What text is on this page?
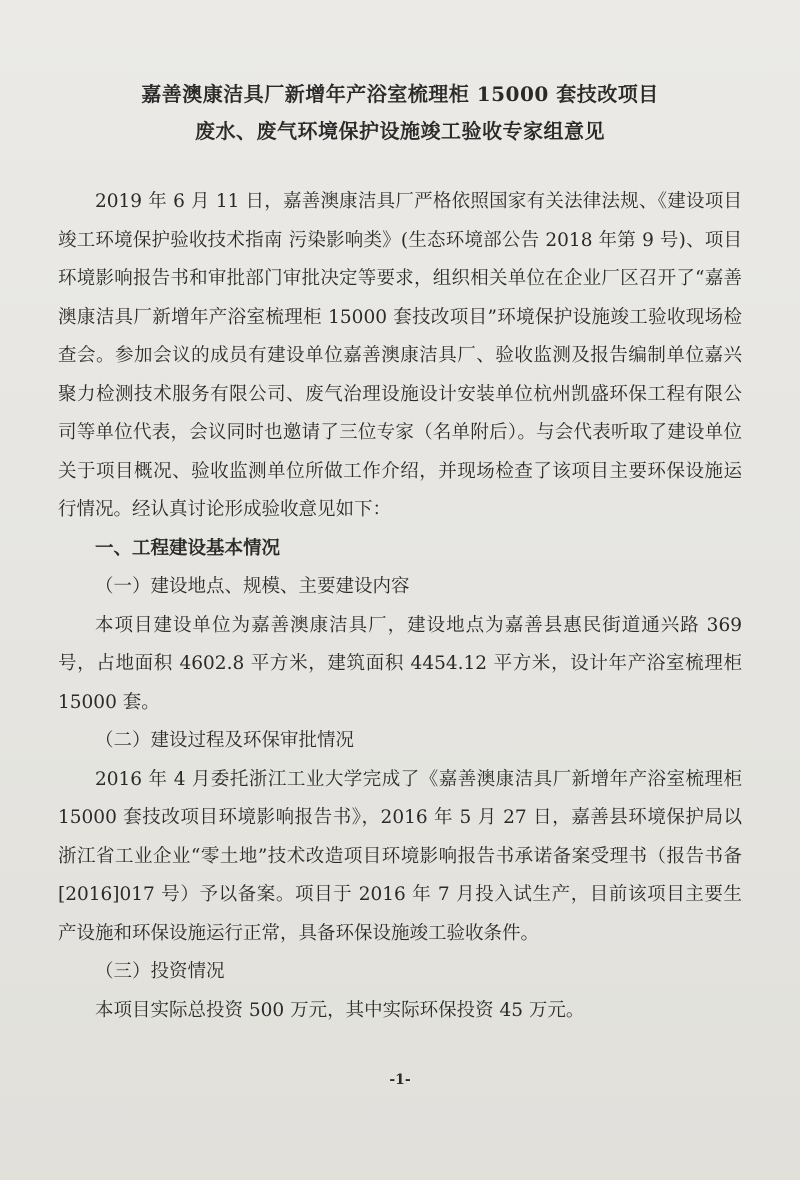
嘉善澳康洁具厂新增年产浴室梳理柜 15000 套技改项目
废水、废气环境保护设施竣工验收专家组意见

2019 年 6 月 11 日，嘉善澳康洁具厂严格依照国家有关法律法规、《建设项目竣工环境保护验收技术指南 污染影响类》(生态环境部公告 2018 年第 9 号)、项目环境影响报告书和审批部门审批决定等要求，组织相关单位在企业厂区召开了“嘉善澳康洁具厂新增年产浴室梳理柜 15000 套技改项目”环境保护设施竣工验收现场检查会。参加会议的成员有建设单位嘉善澳康洁具厂、验收监测及报告编制单位嘉兴聚力检测技术服务有限公司、废气治理设施设计安装单位杭州凯盛环保工程有限公司等单位代表，会议同时也邀请了三位专家（名单附后）。与会代表听取了建设单位关于项目概况、验收监测单位所做工作介绍，并现场检查了该项目主要环保设施运行情况。经认真讨论形成验收意见如下：

一、工程建设基本情况

（一）建设地点、规模、主要建设内容

本项目建设单位为嘉善澳康洁具厂，建设地点为嘉善县惠民街道通兴路 369 号，占地面积 4602.8 平方米，建筑面积 4454.12 平方米，设计年产浴室梳理柜 15000 套。

（二）建设过程及环保审批情况

2016 年 4 月委托浙江工业大学完成了《嘉善澳康洁具厂新增年产浴室梳理柜 15000 套技改项目环境影响报告书》，2016 年 5 月 27 日，嘉善县环境保护局以浙江省工业企业“零土地”技术改造项目环境影响报告书承诺备案受理书（报告书备[2016]017 号）予以备案。项目于 2016 年 7 月投入试生产，目前该项目主要生产设施和环保设施运行正常，具备环保设施竣工验收条件。

（三）投资情况

本项目实际总投资 500 万元，其中实际环保投资 45 万元。

-1-
